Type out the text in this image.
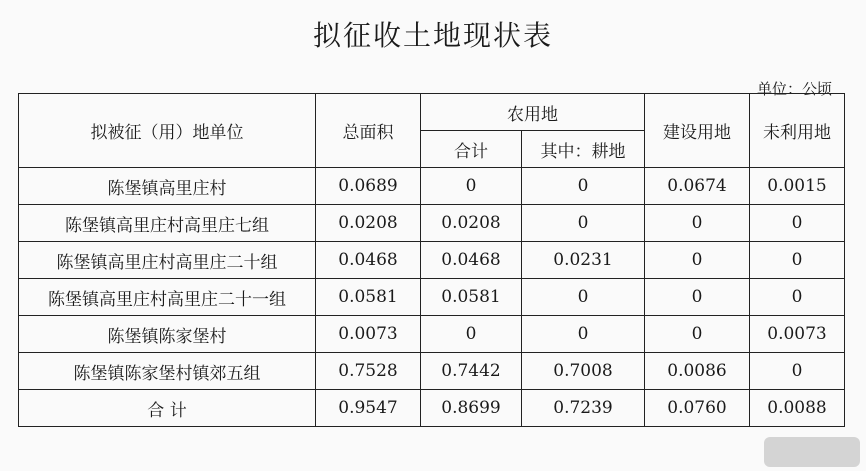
拟征收土地现状表
单位：公顷
拟被征（用）地单位	总面积	农用地		建设用地	未利用地
		合计	其中：耕地		
陈堡镇高里庄村	0.0689	0	0	0.0674	0.0015
陈堡镇高里庄村高里庄七组	0.0208	0.0208	0	0	0
陈堡镇高里庄村高里庄二十组	0.0468	0.0468	0.0231	0	0
陈堡镇高里庄村高里庄二十一组	0.0581	0.0581	0	0	0
陈堡镇陈家堡村	0.0073	0	0	0	0.0073
陈堡镇陈家堡村镇郊五组	0.7528	0.7442	0.7008	0.0086	0
合 计	0.9547	0.8699	0.7239	0.0760	0.0088
